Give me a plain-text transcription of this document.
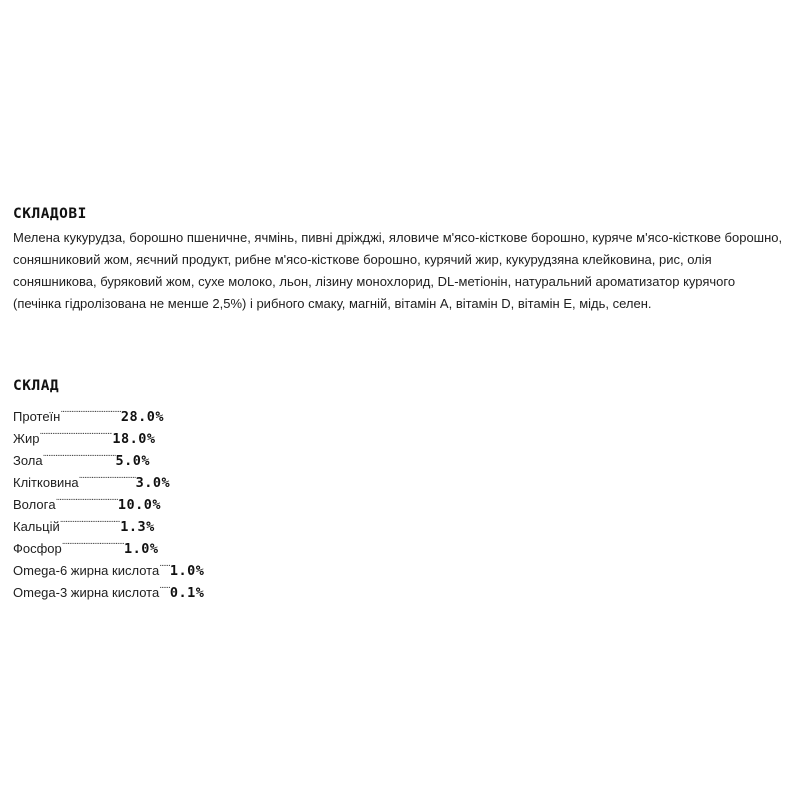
СКЛАДОВІ

Мелена кукурудза, борошно пшеничне, ячмінь, пивні дріжджі, яловиче м'ясо-кісткове борошно, куряче м'ясо-кісткове борошно, соняшниковий жом, яєчний продукт, рибне м'ясо-кісткове борошно, курячий жир, кукурудзяна клейковина, рис, олія соняшникова, буряковий жом, сухе молоко, льон, лізину монохлорид, DL-метіонін, натуральний ароматизатор курячого (печінка гідролізована не менше 2,5%) і рибного смаку, магній, вітамін А, вітамін D, вітамін Е, мідь, селен.

СКЛАД
Протеїн..................................28.0%
Жир.........................................18.0%
Зола.........................................5.0%
Клітковина................................3.0%
Вологa...................................10.0%
Кальцій..................................1.3%
Фосфор...................................1.0%
Omega-6 жирна кислота......1.0%
Omega-3 жирна кислота......0.1%
